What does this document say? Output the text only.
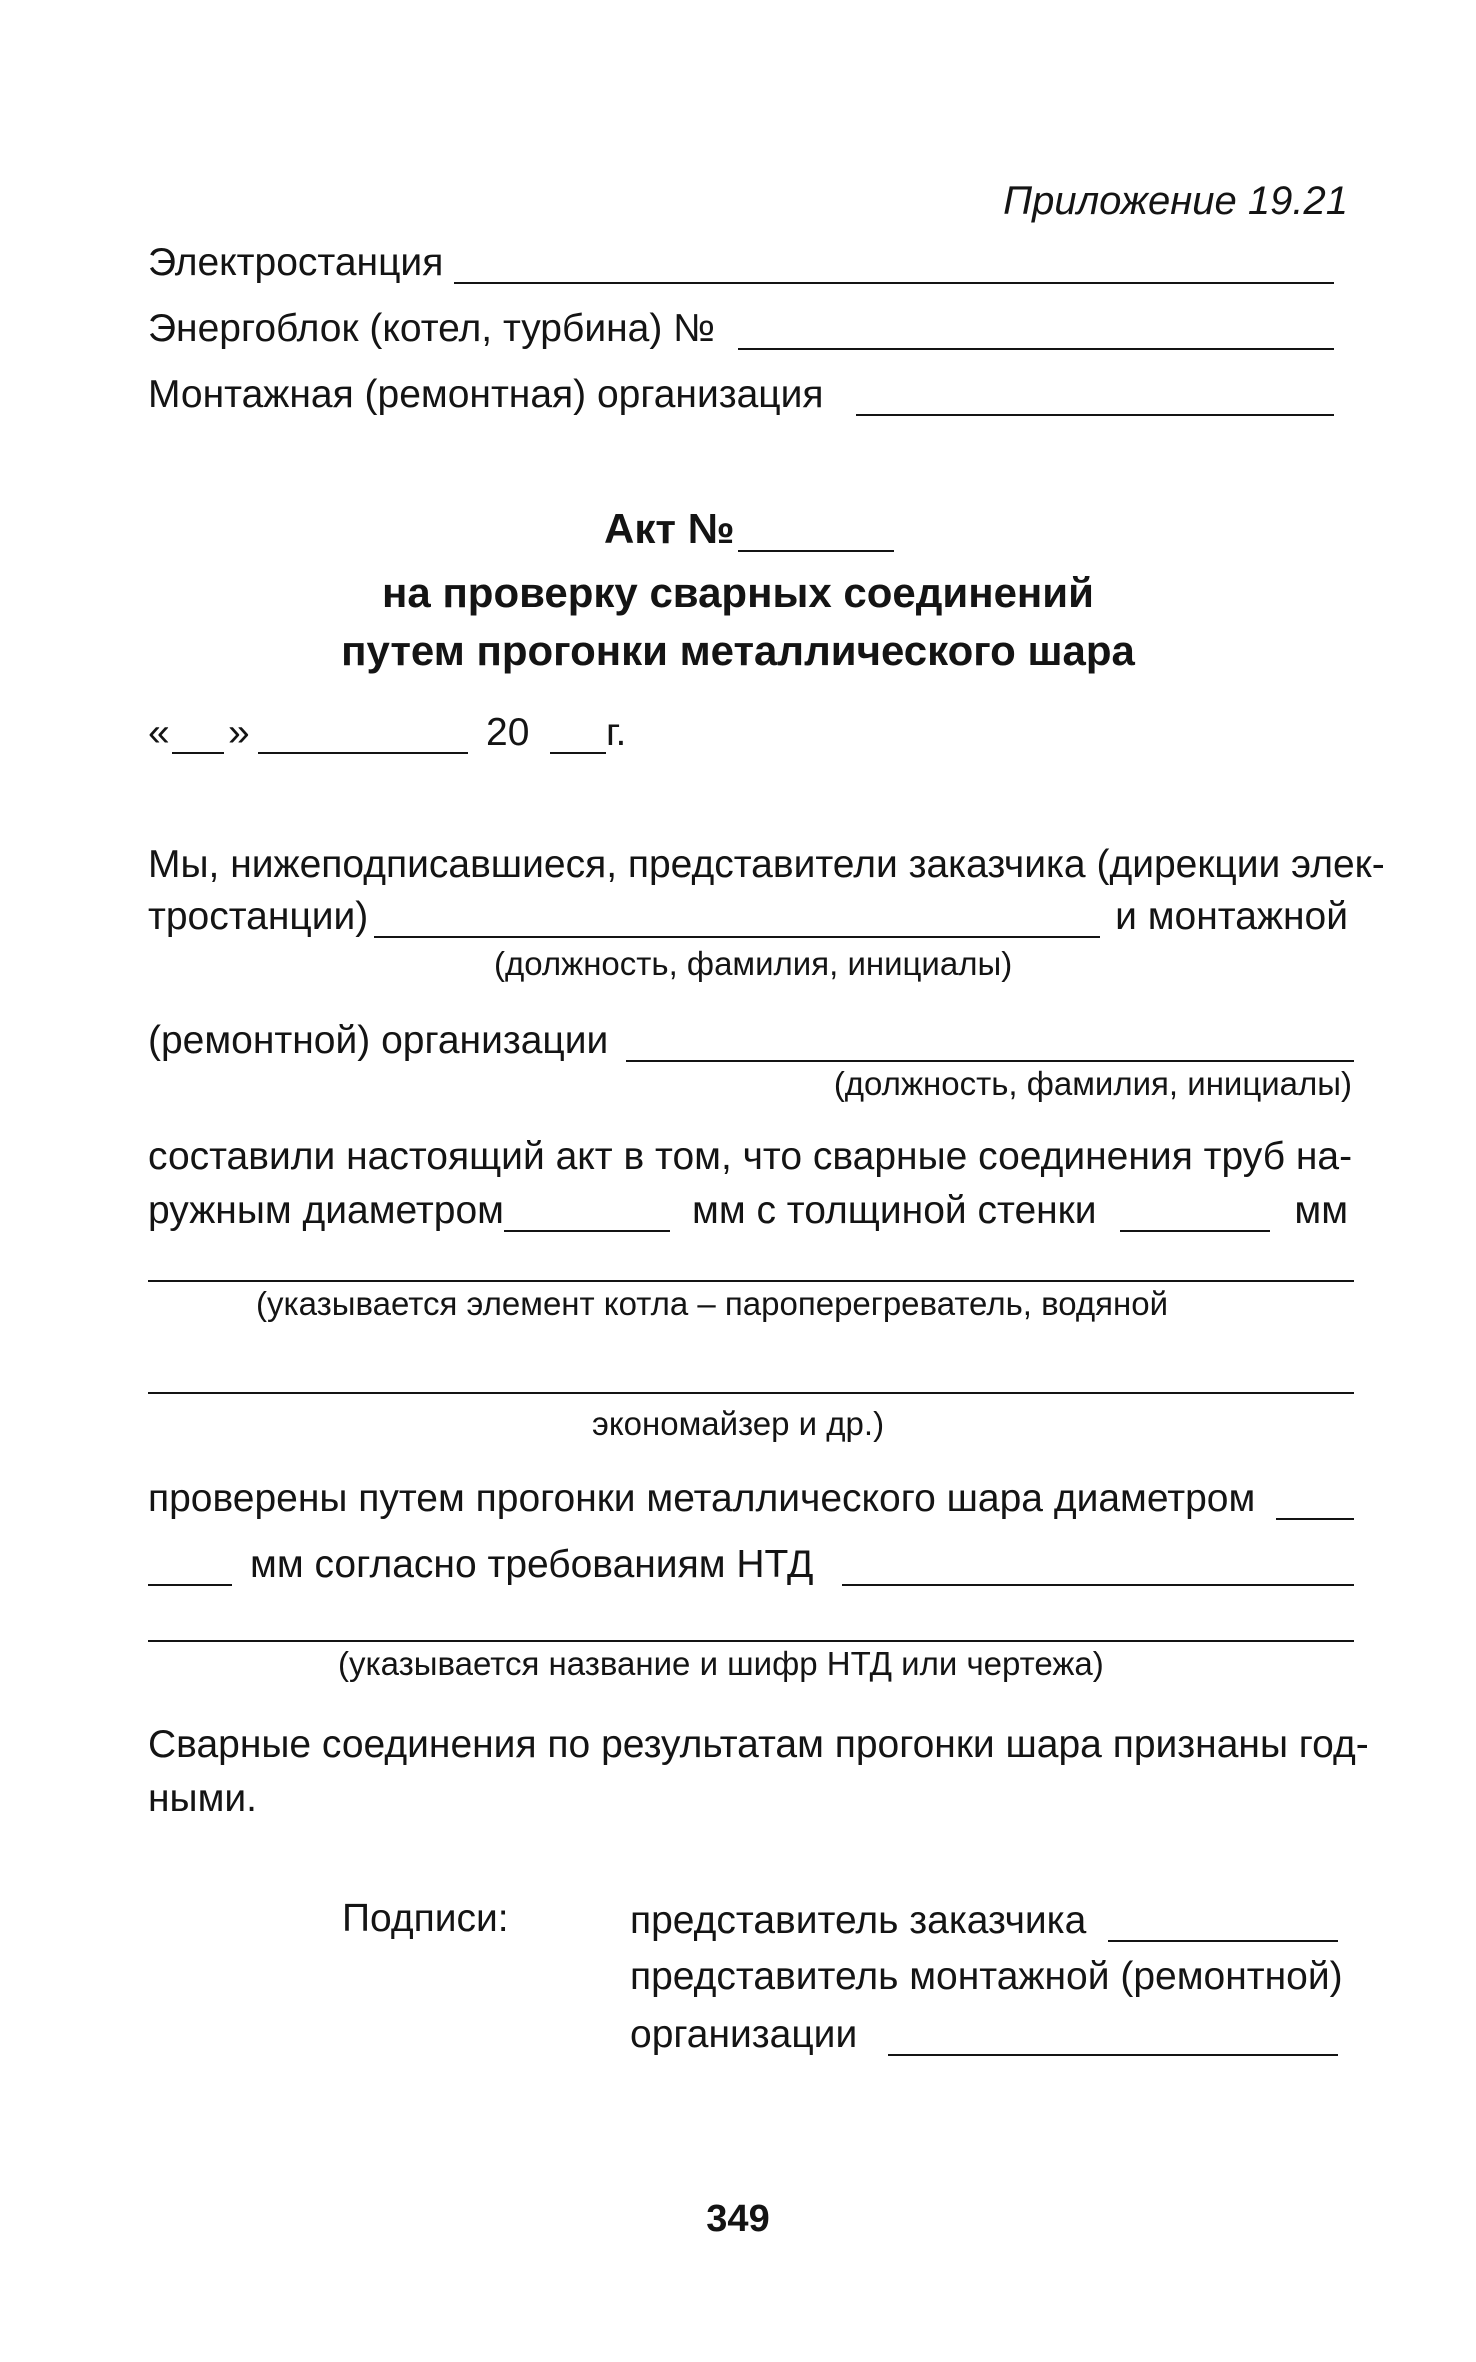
Приложение 19.21
Электростанция
Энергоблок (котел, турбина) №
Монтажная (ремонтная) организация
Акт №
на проверку сварных соединений
путем прогонки металлического шара
« »	20 г.
Мы, нижеподписавшиеся, представители заказчика (дирекции элек-
тростанции)	и монтажной
(должность, фамилия, инициалы)
(ремонтной) организации
(должность, фамилия, инициалы)
составили настоящий акт в том, что сварные соединения труб на-
ружным диаметром	мм с толщиной стенки	мм
(указывается элемент котла – пароперегреватель, водяной
экономайзер и др.)
проверены путем прогонки металлического шара диаметром
мм согласно требованиям НТД
(указывается название и шифр НТД или чертежа)
Сварные соединения по результатам прогонки шара признаны год-
ными.
Подписи:	представитель заказчика
представитель монтажной (ремонтной)
организации
349
